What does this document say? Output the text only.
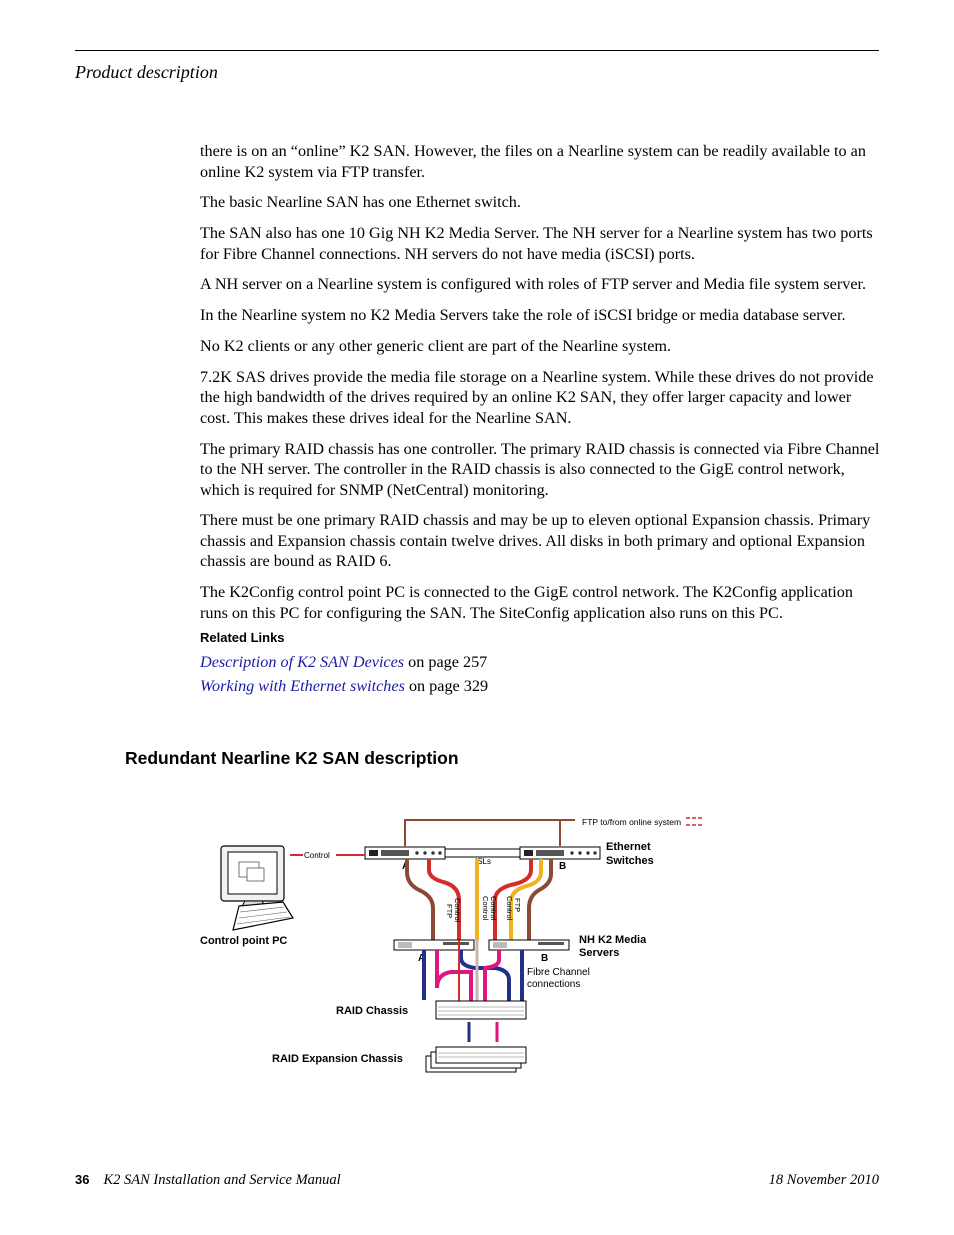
Product description

there is on an “online” K2 SAN. However, the files on a Nearline system can be readily available to an online K2 system via FTP transfer.

The basic Nearline SAN has one Ethernet switch.

The SAN also has one 10 Gig NH K2 Media Server. The NH server for a Nearline system has two ports for Fibre Channel connections. NH servers do not have media (iSCSI) ports.

A NH server on a Nearline system is configured with roles of FTP server and Media file system server.

In the Nearline system no K2 Media Servers take the role of iSCSI bridge or media database server.

No K2 clients or any other generic client are part of the Nearline system.

7.2K SAS drives provide the media file storage on a Nearline system. While these drives do not provide the high bandwidth of the drives required by an online K2 SAN, they offer larger capacity and lower cost. This makes these drives ideal for the Nearline SAN.

The primary RAID chassis has one controller. The primary RAID chassis is connected via Fibre Channel to the NH server. The controller in the RAID chassis is also connected to the GigE control network, which is required for SNMP (NetCentral) monitoring.

There must be one primary RAID chassis and may be up to eleven optional Expansion chassis. Primary chassis and Expansion chassis contain twelve drives. All disks in both primary and optional Expansion chassis are bound as RAID 6.

The K2Config control point PC is connected to the GigE control network. The K2Config application runs on this PC for configuring the SAN. The SiteConfig application also runs on this PC.

Related Links
Description of K2 SAN Devices on page 257
Working with Ethernet switches on page 329
Redundant Nearline K2 SAN description
FTP to/from online system
ISLs
A	B
Ethernet
Switches
Control
Control point PC
Control
FTP	Control Control FTP
Control
A	B
NH K2 Media
Servers
Fibre Channel
connections
RAID Chassis
RAID Expansion Chassis
36 K2 SAN Installation and Service Manual	18 November 2010
